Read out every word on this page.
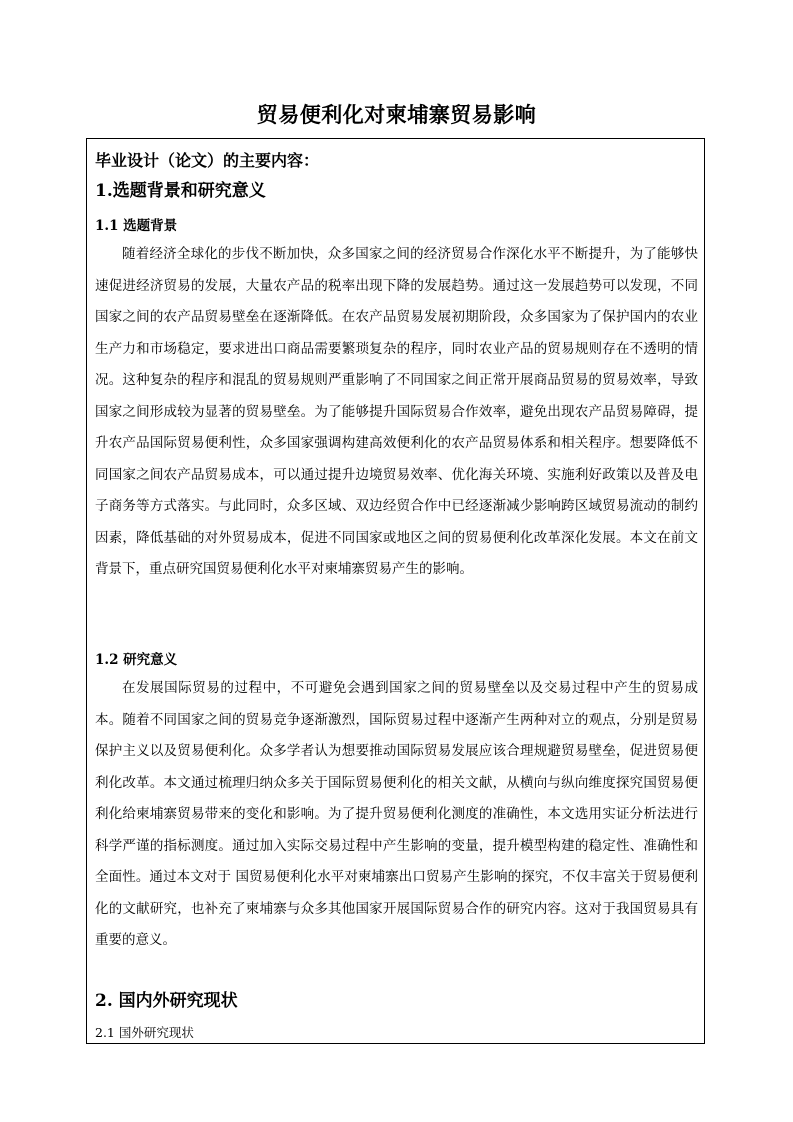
贸易便利化对柬埔寨贸易影响
毕业设计（论文）的主要内容：
1.选题背景和研究意义
1.1 选题背景

随着经济全球化的步伐不断加快，众多国家之间的经济贸易合作深化水平不断提升，为了能够快速促进经济贸易的发展，大量农产品的税率出现下降的发展趋势。通过这一发展趋势可以发现，不同国家之间的农产品贸易壁垒在逐渐降低。在农产品贸易发展初期阶段，众多国家为了保护国内的农业生产力和市场稳定，要求进出口商品需要繁琐复杂的程序，同时农业产品的贸易规则存在不透明的情况。这种复杂的程序和混乱的贸易规则严重影响了不同国家之间正常开展商品贸易的贸易效率，导致国家之间形成较为显著的贸易壁垒。为了能够提升国际贸易合作效率，避免出现农产品贸易障碍，提升农产品国际贸易便利性，众多国家强调构建高效便利化的农产品贸易体系和相关程序。想要降低不同国家之间农产品贸易成本，可以通过提升边境贸易效率、优化海关环境、实施利好政策以及普及电子商务等方式落实。与此同时，众多区域、双边经贸合作中已经逐渐减少影响跨区域贸易流动的制约因素，降低基础的对外贸易成本，促进不同国家或地区之间的贸易便利化改革深化发展。本文在前文背景下，重点研究国贸易便利化水平对柬埔寨贸易产生的影响。

1.2 研究意义

在发展国际贸易的过程中，不可避免会遇到国家之间的贸易壁垒以及交易过程中产生的贸易成本。随着不同国家之间的贸易竞争逐渐激烈，国际贸易过程中逐渐产生两种对立的观点，分别是贸易保护主义以及贸易便利化。众多学者认为想要推动国际贸易发展应该合理规避贸易壁垒，促进贸易便利化改革。本文通过梳理归纳众多关于国际贸易便利化的相关文献，从横向与纵向维度探究国贸易便利化给柬埔寨贸易带来的变化和影响。为了提升贸易便利化测度的准确性，本文选用实证分析法进行科学严谨的指标测度。通过加入实际交易过程中产生影响的变量，提升模型构建的稳定性、准确性和全面性。通过本文对于 国贸易便利化水平对柬埔寨出口贸易产生影响的探究，不仅丰富关于贸易便利化的文献研究，也补充了柬埔寨与众多其他国家开展国际贸易合作的研究内容。这对于我国贸易具有重要的意义。

2. 国内外研究现状
2.1 国外研究现状
